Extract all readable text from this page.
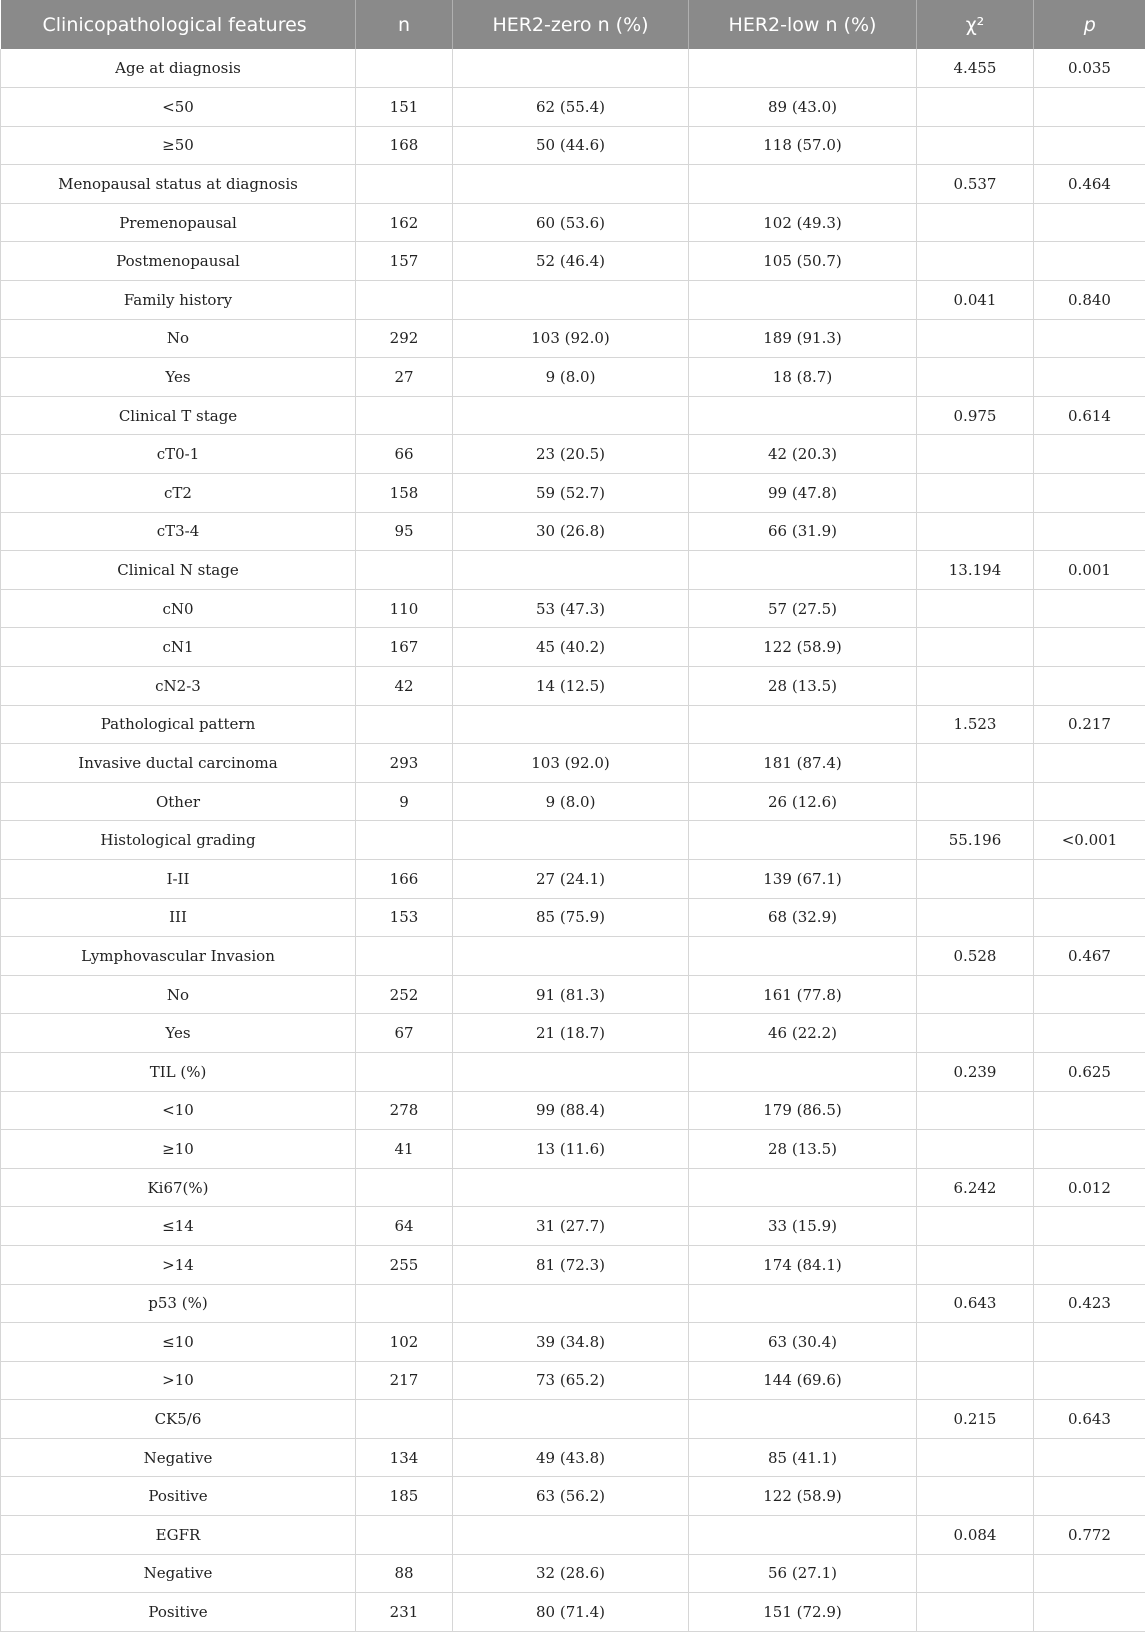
Clinicopathological features	n	HER2-zero n (%)	HER2-low n (%)	χ²	p
Age at diagnosis				4.455	0.035
<50	151	62 (55.4)	89 (43.0)		
≥50	168	50 (44.6)	118 (57.0)		
Menopausal status at diagnosis				0.537	0.464
Premenopausal	162	60 (53.6)	102 (49.3)		
Postmenopausal	157	52 (46.4)	105 (50.7)		
Family history				0.041	0.840
No	292	103 (92.0)	189 (91.3)		
Yes	27	9 (8.0)	18 (8.7)		
Clinical T stage				0.975	0.614
cT0-1	66	23 (20.5)	42 (20.3)		
cT2	158	59 (52.7)	99 (47.8)		
cT3-4	95	30 (26.8)	66 (31.9)		
Clinical N stage				13.194	0.001
cN0	110	53 (47.3)	57 (27.5)		
cN1	167	45 (40.2)	122 (58.9)		
cN2-3	42	14 (12.5)	28 (13.5)		
Pathological pattern				1.523	0.217
Invasive ductal carcinoma	293	103 (92.0)	181 (87.4)		
Other	9	9 (8.0)	26 (12.6)		
Histological grading				55.196	<0.001
I-II	166	27 (24.1)	139 (67.1)		
III	153	85 (75.9)	68 (32.9)		
Lymphovascular Invasion				0.528	0.467
No	252	91 (81.3)	161 (77.8)		
Yes	67	21 (18.7)	46 (22.2)		
TIL (%)				0.239	0.625
<10	278	99 (88.4)	179 (86.5)		
≥10	41	13 (11.6)	28 (13.5)		
Ki67(%)				6.242	0.012
≤14	64	31 (27.7)	33 (15.9)		
>14	255	81 (72.3)	174 (84.1)		
p53 (%)				0.643	0.423
≤10	102	39 (34.8)	63 (30.4)		
>10	217	73 (65.2)	144 (69.6)		
CK5/6				0.215	0.643
Negative	134	49 (43.8)	85 (41.1)		
Positive	185	63 (56.2)	122 (58.9)		
EGFR				0.084	0.772
Negative	88	32 (28.6)	56 (27.1)		
Positive	231	80 (71.4)	151 (72.9)		
